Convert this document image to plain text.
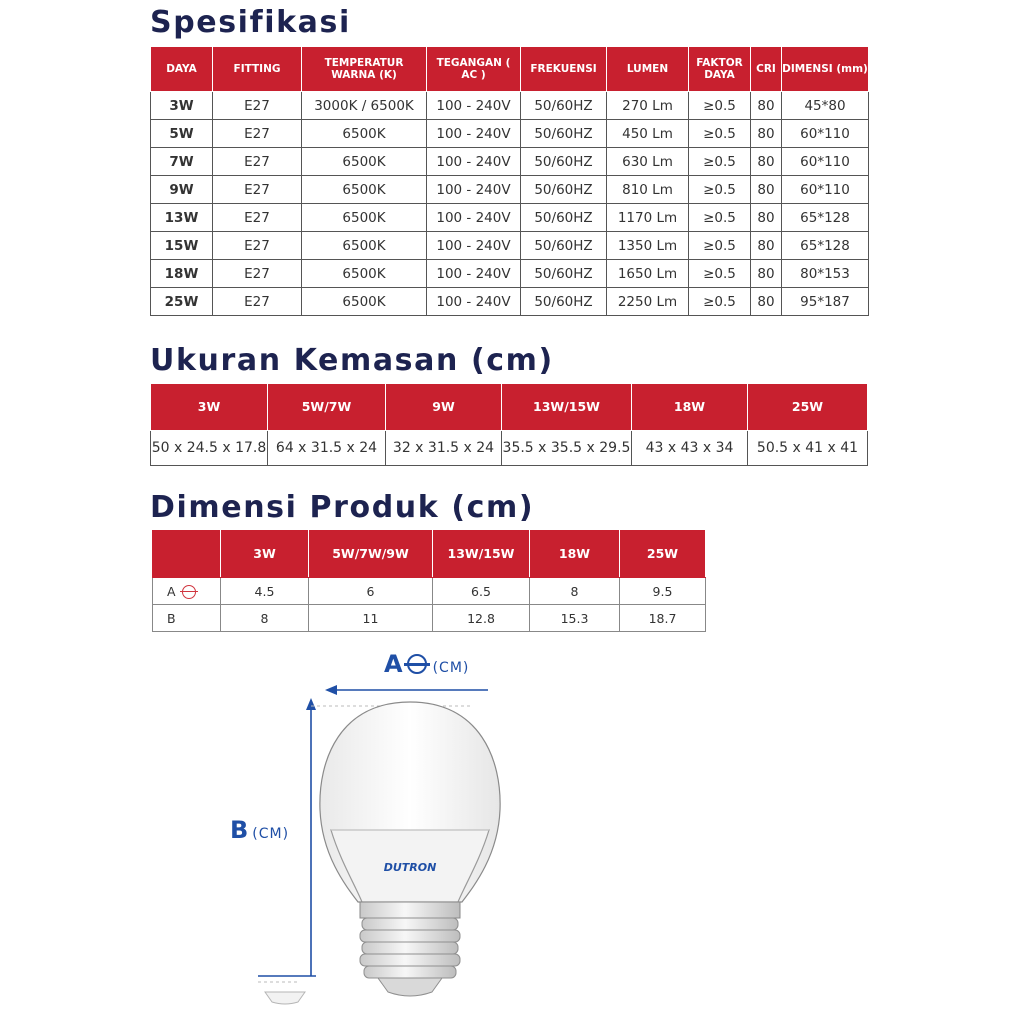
Spesifikasi
DAYA	FITTING	TEMPERATUR WARNA (K)	TEGANGAN ( AC )	FREKUENSI	LUMEN	FAKTOR DAYA	CRI	DIMENSI (mm)
3W	E27	3000K / 6500K	100 - 240V	50/60HZ	270 Lm	≥0.5	80	45*80
5W	E27	6500K	100 - 240V	50/60HZ	450 Lm	≥0.5	80	60*110
7W	E27	6500K	100 - 240V	50/60HZ	630 Lm	≥0.5	80	60*110
9W	E27	6500K	100 - 240V	50/60HZ	810 Lm	≥0.5	80	60*110
13W	E27	6500K	100 - 240V	50/60HZ	1170 Lm	≥0.5	80	65*128
15W	E27	6500K	100 - 240V	50/60HZ	1350 Lm	≥0.5	80	65*128
18W	E27	6500K	100 - 240V	50/60HZ	1650 Lm	≥0.5	80	80*153
25W	E27	6500K	100 - 240V	50/60HZ	2250 Lm	≥0.5	80	95*187
Ukuran Kemasan (cm)
3W	5W/7W	9W	13W/15W	18W	25W
50 x 24.5 x 17.8	64 x 31.5 x 24	32 x 31.5 x 24	35.5 x 35.5 x 29.5	43 x 43 x 34	50.5 x 41 x 41
Dimensi Produk (cm)
	3W	5W/7W/9W	13W/15W	18W	25W
A	4.5	6	6.5	8	9.5
B	8	11	12.8	15.3	18.7
A (CM)
B (CM)
DUTRON
